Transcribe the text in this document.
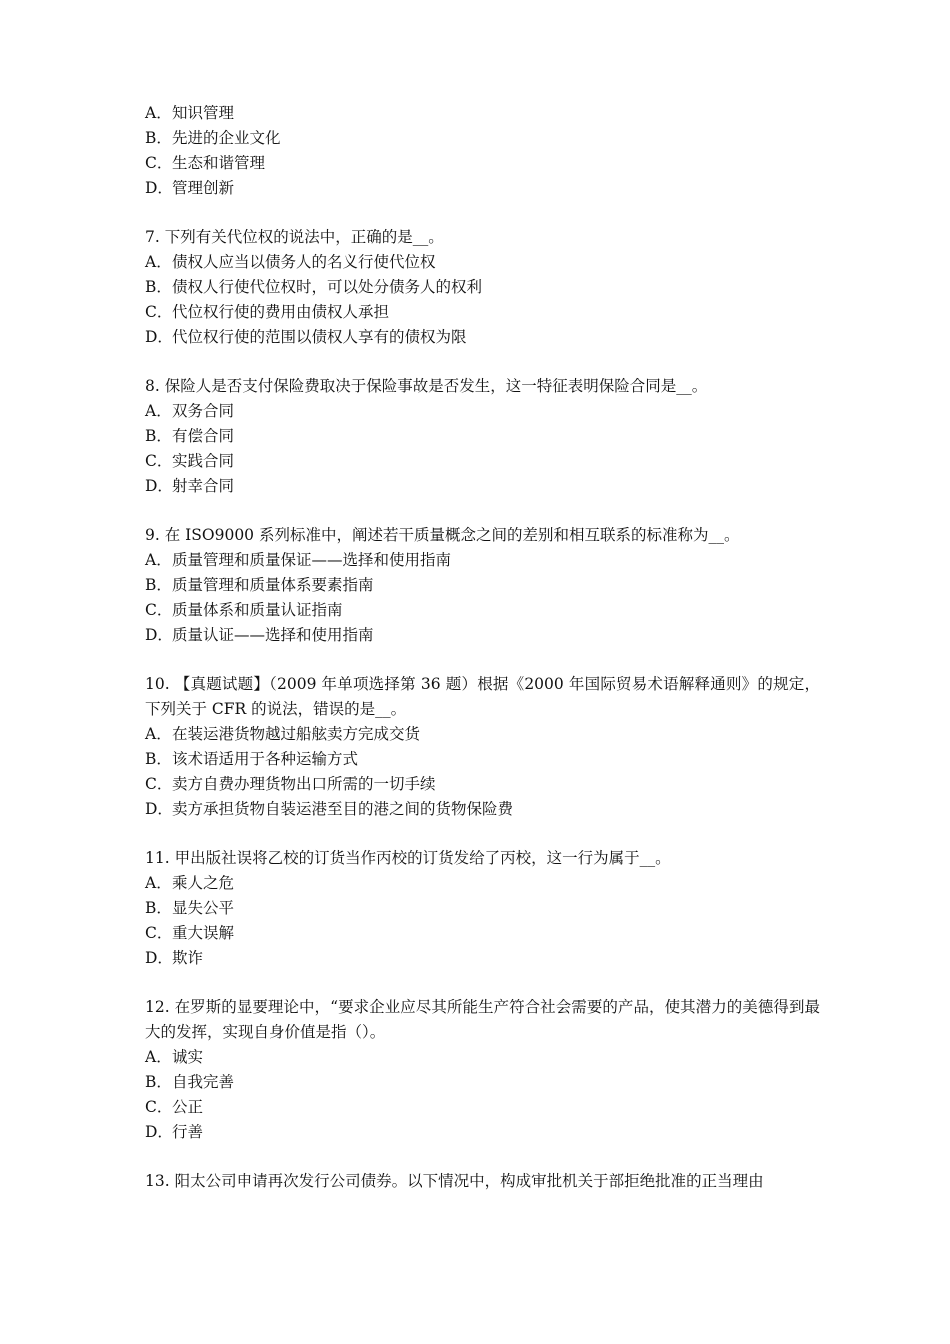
A．知识管理
B．先进的企业文化
C．生态和谐管理
D．管理创新
7. 下列有关代位权的说法中，正确的是__。
A．债权人应当以债务人的名义行使代位权
B．债权人行使代位权时，可以处分债务人的权利
C．代位权行使的费用由债权人承担
D．代位权行使的范围以债权人享有的债权为限
8. 保险人是否支付保险费取决于保险事故是否发生，这一特征表明保险合同是__。
A．双务合同
B．有偿合同
C．实践合同
D．射幸合同
9. 在 ISO9000 系列标准中，阐述若干质量概念之间的差别和相互联系的标准称为__。
A．质量管理和质量保证——选择和使用指南
B．质量管理和质量体系要素指南
C．质量体系和质量认证指南
D．质量认证——选择和使用指南
10. 【真题试题】（2009 年单项选择第 36 题）根据《2000 年国际贸易术语解释通则》的规定，下列关于 CFR 的说法，错误的是__。
A．在装运港货物越过船舷卖方完成交货
B．该术语适用于各种运输方式
C．卖方自费办理货物出口所需的一切手续
D．卖方承担货物自装运港至目的港之间的货物保险费
11. 甲出版社误将乙校的订货当作丙校的订货发给了丙校，这一行为属于__。
A．乘人之危
B．显失公平
C．重大误解
D．欺诈
12. 在罗斯的显要理论中，“要求企业应尽其所能生产符合社会需要的产品，使其潜力的美德得到最大的发挥，实现自身价值是指（）。
A．诚实
B．自我完善
C．公正
D．行善
13. 阳太公司申请再次发行公司债券。以下情况中，构成审批机关于部拒绝批准的正当理由
